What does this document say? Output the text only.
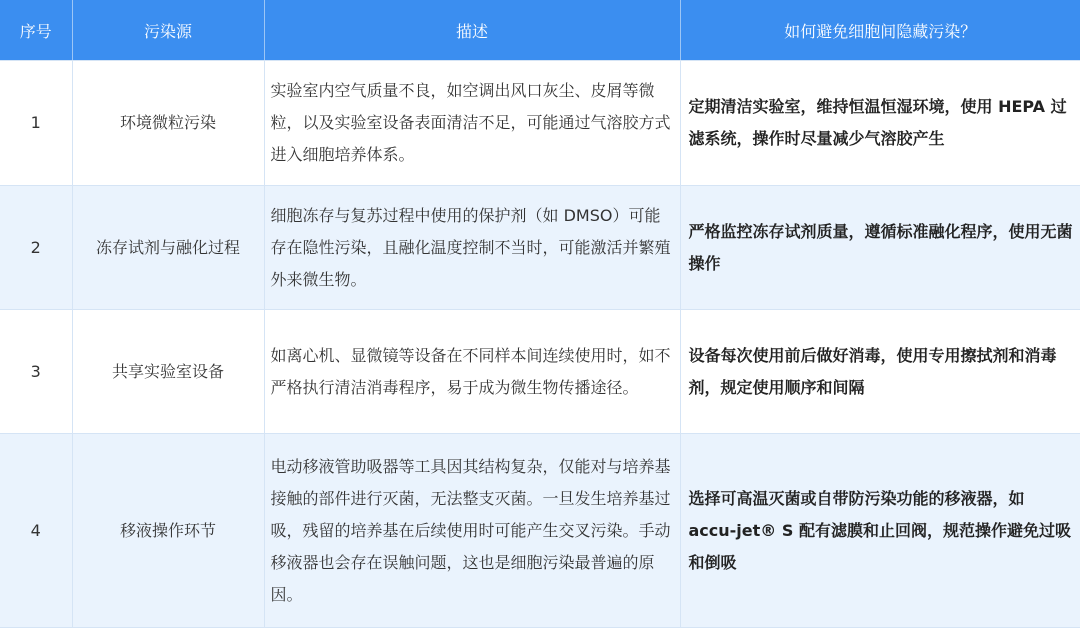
序号	污染源	描述	如何避免细胞间隐藏污染？
1	环境微粒污染	实验室内空气质量不良，如空调出风口灰尘、皮屑等微粒，以及实验室设备表面清洁不足，可能通过气溶胶方式进入细胞培养体系。	定期清洁实验室，维持恒温恒湿环境，使用 HEPA 过滤系统，操作时尽量减少气溶胶产生
2	冻存试剂与融化过程	细胞冻存与复苏过程中使用的保护剂（如 DMSO）可能存在隐性污染，且融化温度控制不当时，可能激活并繁殖外来微生物。	严格监控冻存试剂质量，遵循标准融化程序，使用无菌操作
3	共享实验室设备	如离心机、显微镜等设备在不同样本间连续使用时，如不严格执行清洁消毒程序，易于成为微生物传播途径。	设备每次使用前后做好消毒，使用专用擦拭剂和消毒剂，规定使用顺序和间隔
4	移液操作环节	电动移液管助吸器等工具因其结构复杂，仅能对与培养基接触的部件进行灭菌，无法整支灭菌。一旦发生培养基过吸，残留的培养基在后续使用时可能产生交叉污染。手动移液器也会存在误触问题，这也是细胞污染最普遍的原因。	选择可高温灭菌或自带防污染功能的移液器，如 accu-jet® S 配有滤膜和止回阀，规范操作避免过吸和倒吸
